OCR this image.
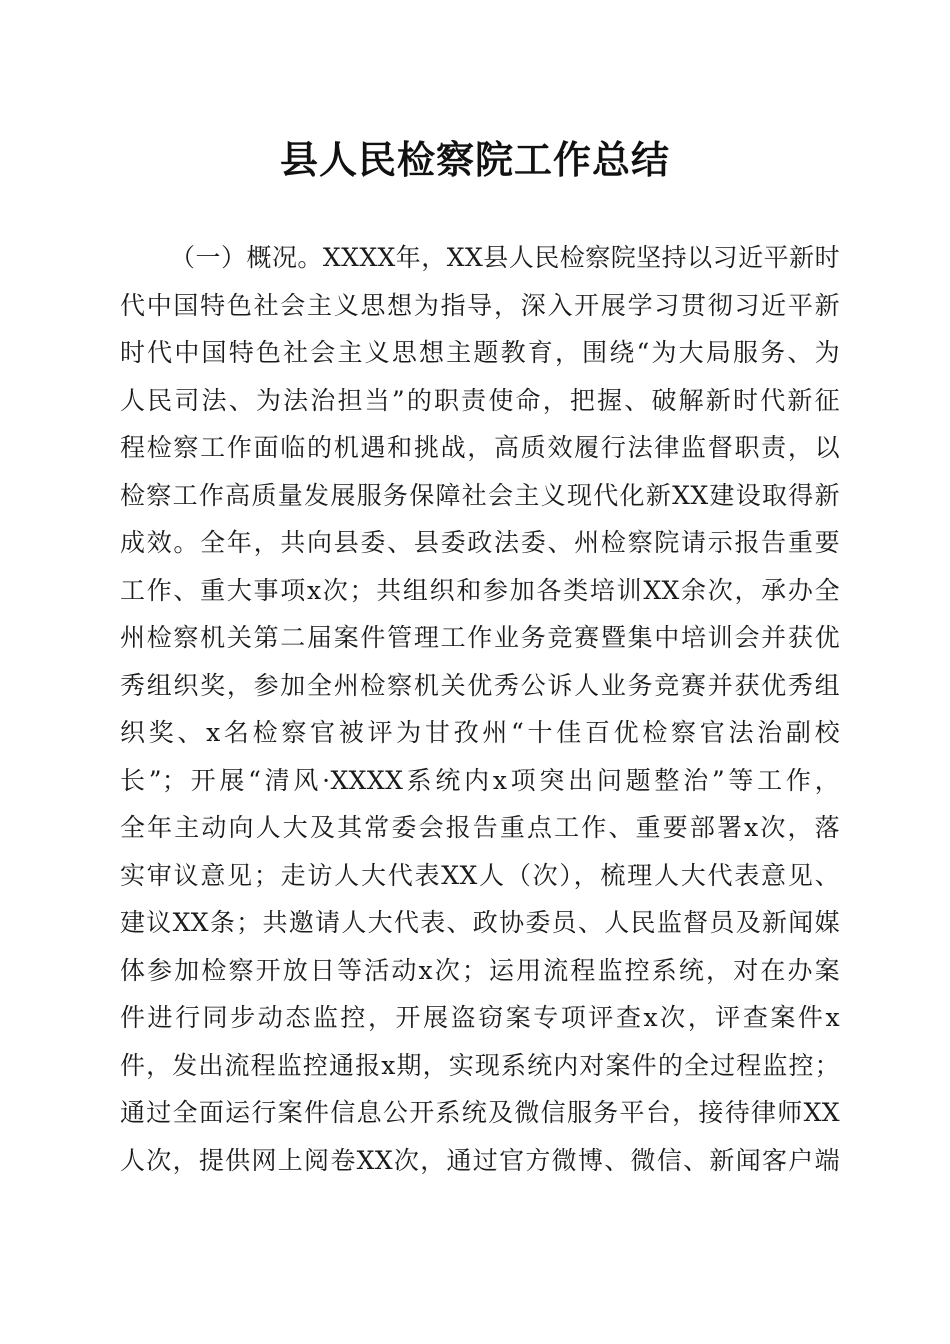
县人民检察院工作总结
（一）概况。XXXX年，XX县人民检察院坚持以习近平新时
代中国特色社会主义思想为指导，深入开展学习贯彻习近平新
时代中国特色社会主义思想主题教育，围绕“为大局服务、为
人民司法、为法治担当”的职责使命，把握、破解新时代新征
程检察工作面临的机遇和挑战，高质效履行法律监督职责，以
检察工作高质量发展服务保障社会主义现代化新XX建设取得新
成效。全年，共向县委、县委政法委、州检察院请示报告重要
工作、重大事项x次；共组织和参加各类培训XX余次，承办全
州检察机关第二届案件管理工作业务竞赛暨集中培训会并获优
秀组织奖，参加全州检察机关优秀公诉人业务竞赛并获优秀组
织奖、x名检察官被评为甘孜州“十佳百优检察官法治副校
长”；开展“清风·XXXX系统内x项突出问题整治”等工作，
全年主动向人大及其常委会报告重点工作、重要部署x次，落
实审议意见；走访人大代表XX人（次），梳理人大代表意见、
建议XX条；共邀请人大代表、政协委员、人民监督员及新闻媒
体参加检察开放日等活动x次；运用流程监控系统，对在办案
件进行同步动态监控，开展盗窃案专项评查x次，评查案件x
件，发出流程监控通报x期，实现系统内对案件的全过程监控；
通过全面运行案件信息公开系统及微信服务平台，接待律师XX
人次，提供网上阅卷XX次，通过官方微博、微信、新闻客户端
